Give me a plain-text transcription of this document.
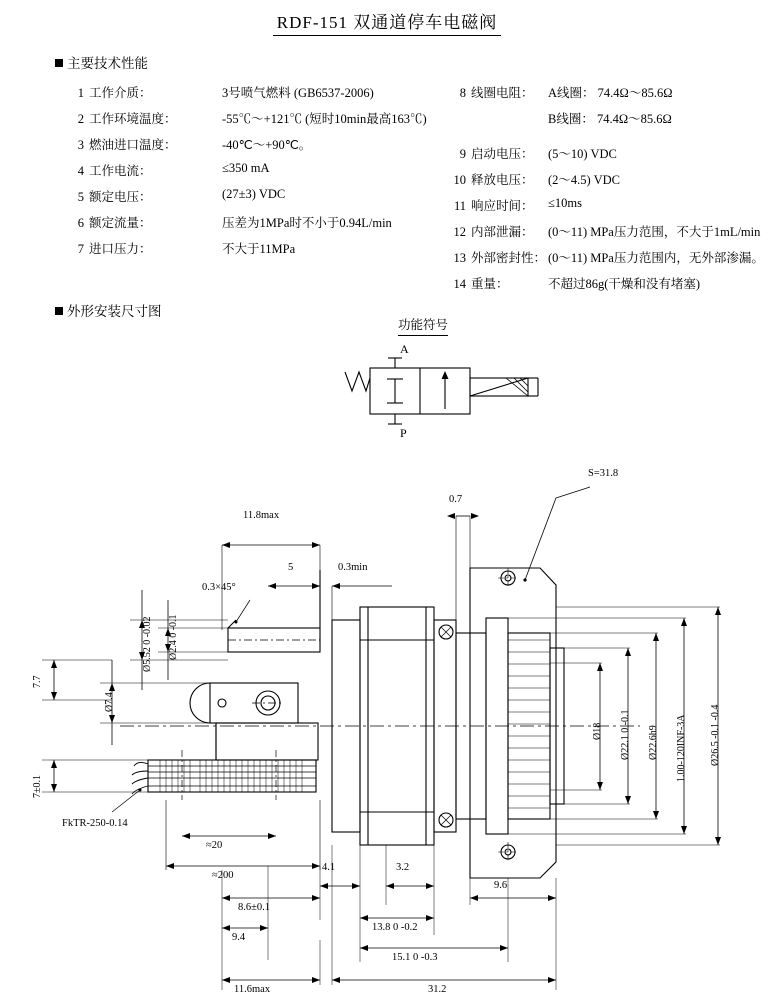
RDF-151 双通道停车电磁阀
主要技术性能
1 工作介质：	3号喷气燃料 (GB6537-2006)
2 工作环境温度：	-55℃～+121℃ (短时10min最高163℃)
3 燃油进口温度：	-40℃～+90℃。
4 工作电流：	≤350 mA
5 额定电压：	(27±3) VDC
6 额定流量：	压差为1MPa时不小于0.94L/min
7 进口压力：	不大于11MPa
8 线圈电阻： A线圈： 74.4Ω～85.6Ω
B线圈： 74.4Ω～85.6Ω
9 启动电压： (5～10) VDC
10 释放电压： (2～4.5) VDC
11 响应时间： ≤10ms
12 内部泄漏： (0～11) MPa压力范围，不大于1mL/min
13 外部密封性： (0～11) MPa压力范围内，无外部渗漏。
14 重量：	不超过86g(干燥和没有堵塞)
外形安装尺寸图
功能符号
A
P
S=31.8
0.7
11.8max
5	0.3min
0.3×45°
Ø2.4 0 -0.1
Ø5.52 0 -0.02
Ø7.4
7.7
7±0.1
FkTR-250-0.14
≈20
≈200
8.6±0.1
4.1	3.2
9.6
9.4
13.8 0 -0.2
15.1 0 -0.3
11.6max	31.2
Ø18 Ø22.1 0 -0.1 Ø22.6h9 1.00-120INF-3A Ø26.5 -0.1 -0.4
